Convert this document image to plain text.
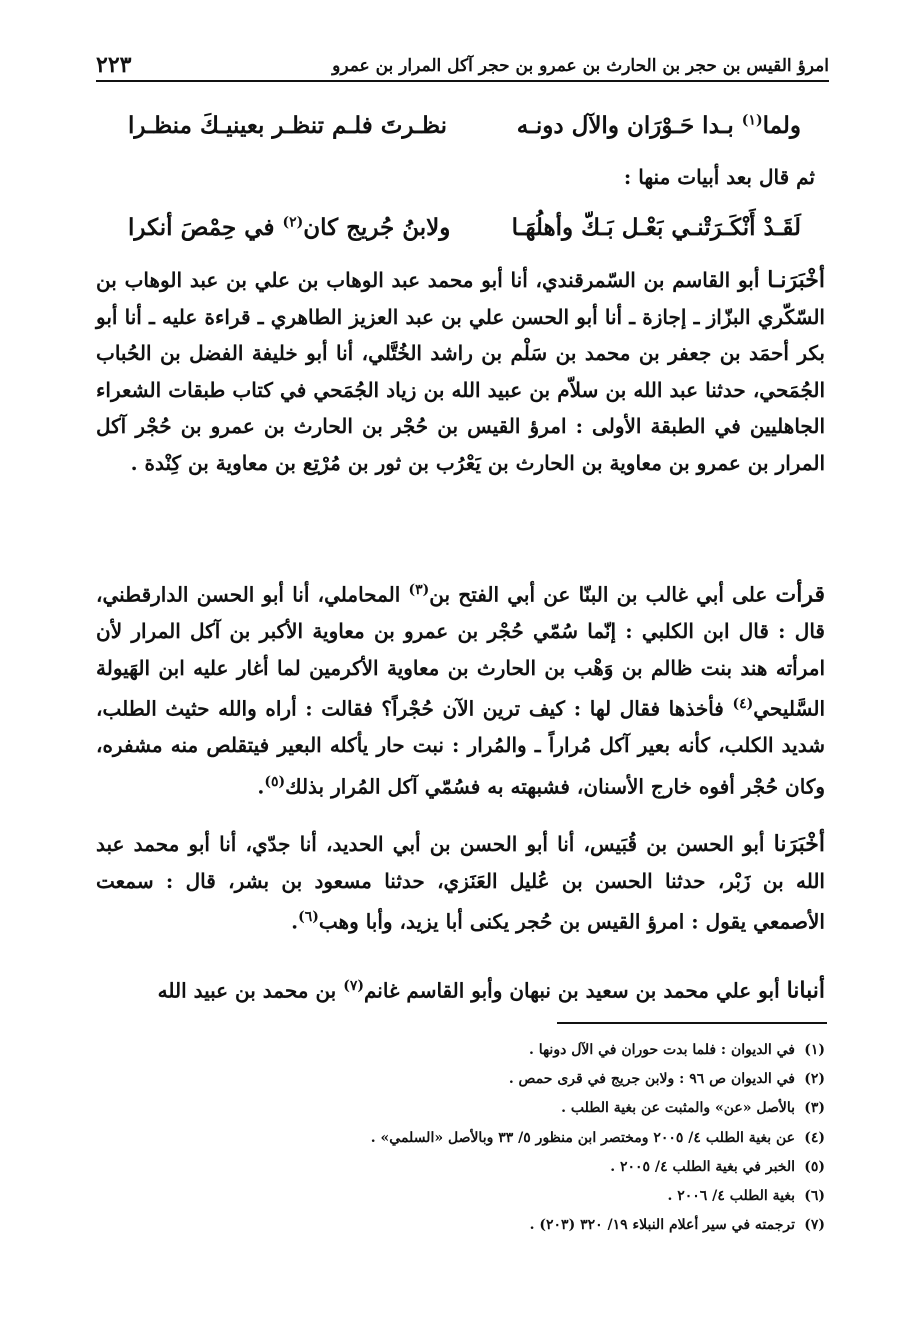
امرؤ القيس بن حجر بن الحارث بن عمرو بن حجر آكل المرار بن عمرو
٢٢٣
ولما$^{(١)}$ بـدا حَـوْرَان والآل دونـه
نظـرتَ فلـم تنظـر بعينيـكَ منظـرا
ثم قال بعد أبيات منها :
لَقَـدْ أَنْكَـرَتْنـي بَعْـل بَـكّ وأهلُهَـا
ولابنُ جُريج كان$^{(٢)}$ في حِمْصَ أنكرا
أخْبَرَنـا أبو القاسم بن السّمرقندي، أنا أبو محمد عبد الوهاب بن علي بن عبد الوهاب بن السّكّري البزّاز ـ إجازة ـ أنا أبو الحسن علي بن عبد العزيز الطاهري ـ قراءة عليه ـ أنا أبو بكر أحمَد بن جعفر بن محمد بن سَلْم بن راشد الخُتَّلي، أنا أبو خليفة الفضل بن الحُباب الجُمَحي، حدثنا عبد الله بن سلاّم بن عبيد الله بن زياد الجُمَحي في كتاب طبقات الشعراء الجاهليين في الطبقة الأولى : امرؤ القيس بن حُجْر بن الحارث بن عمرو بن حُجْر آكل المرار بن عمرو بن معاوية بن الحارث بن يَعْرُب بن ثور بن مُرْتِع بن معاوية بن كِنْدة .
قرأت على أبي غالب بن البنّا عن أبي الفتح بن$^{(٣)}$ المحاملي، أنا أبو الحسن الدارقطني، قال : قال ابن الكلبي : إنّما سُمّي حُجْر بن عمرو بن معاوية الأكبر بن آكل المرار لأن امرأته هند بنت ظالم بن وَهْب بن الحارث بن معاوية الأكرمين لما أغار عليه ابن الهَيولة السَّليحي$^{(٤)}$ فأخذها فقال لها : كيف ترين الآن حُجْراً؟ فقالت : أراه والله حثيث الطلب، شديد الكلب، كأنه بعير آكل مُراراً ـ والمُرار : نبت حار يأكله البعير فيتقلص منه مشفره، وكان حُجْر أفوه خارج الأسنان، فشبهته به فسُمّي آكل المُرار بذلك$^{(٥)}$.
أخْبَرَنا أبو الحسن بن قُبَيس، أنا أبو الحسن بن أبي الحديد، أنا جدّي، أنا أبو محمد عبد الله بن زَبْر، حدثنا الحسن بن عُليل العَنَزي، حدثنا مسعود بن بشر، قال : سمعت الأصمعي يقول : امرؤ القيس بن حُجر يكنى أبا يزيد، وأبا وهب$^{(٦)}$.
أنبانا أبو علي محمد بن سعيد بن نبهان وأبو القاسم غانم$^{(٧)}$ بن محمد بن عبيد الله
(١)
في الديوان : فلما بدت حوران في الآل دونها .
(٢)
في الديوان ص ٩٦ : ولابن جريج في قرى حمص .
(٣)
بالأصل «عن» والمثبت عن بغية الطلب .
(٤)
عن بغية الطلب ٤/ ٢٠٠٥ ومختصر ابن منظور ٥/ ٣٣ وبالأصل «السلمي» .
(٥)
الخبر في بغية الطلب ٤/ ٢٠٠٥ .
(٦)
بغية الطلب ٤/ ٢٠٠٦ .
(٧)
ترجمته في سير أعلام النبلاء ١٩/ ٣٢٠ (٢٠٣) .
